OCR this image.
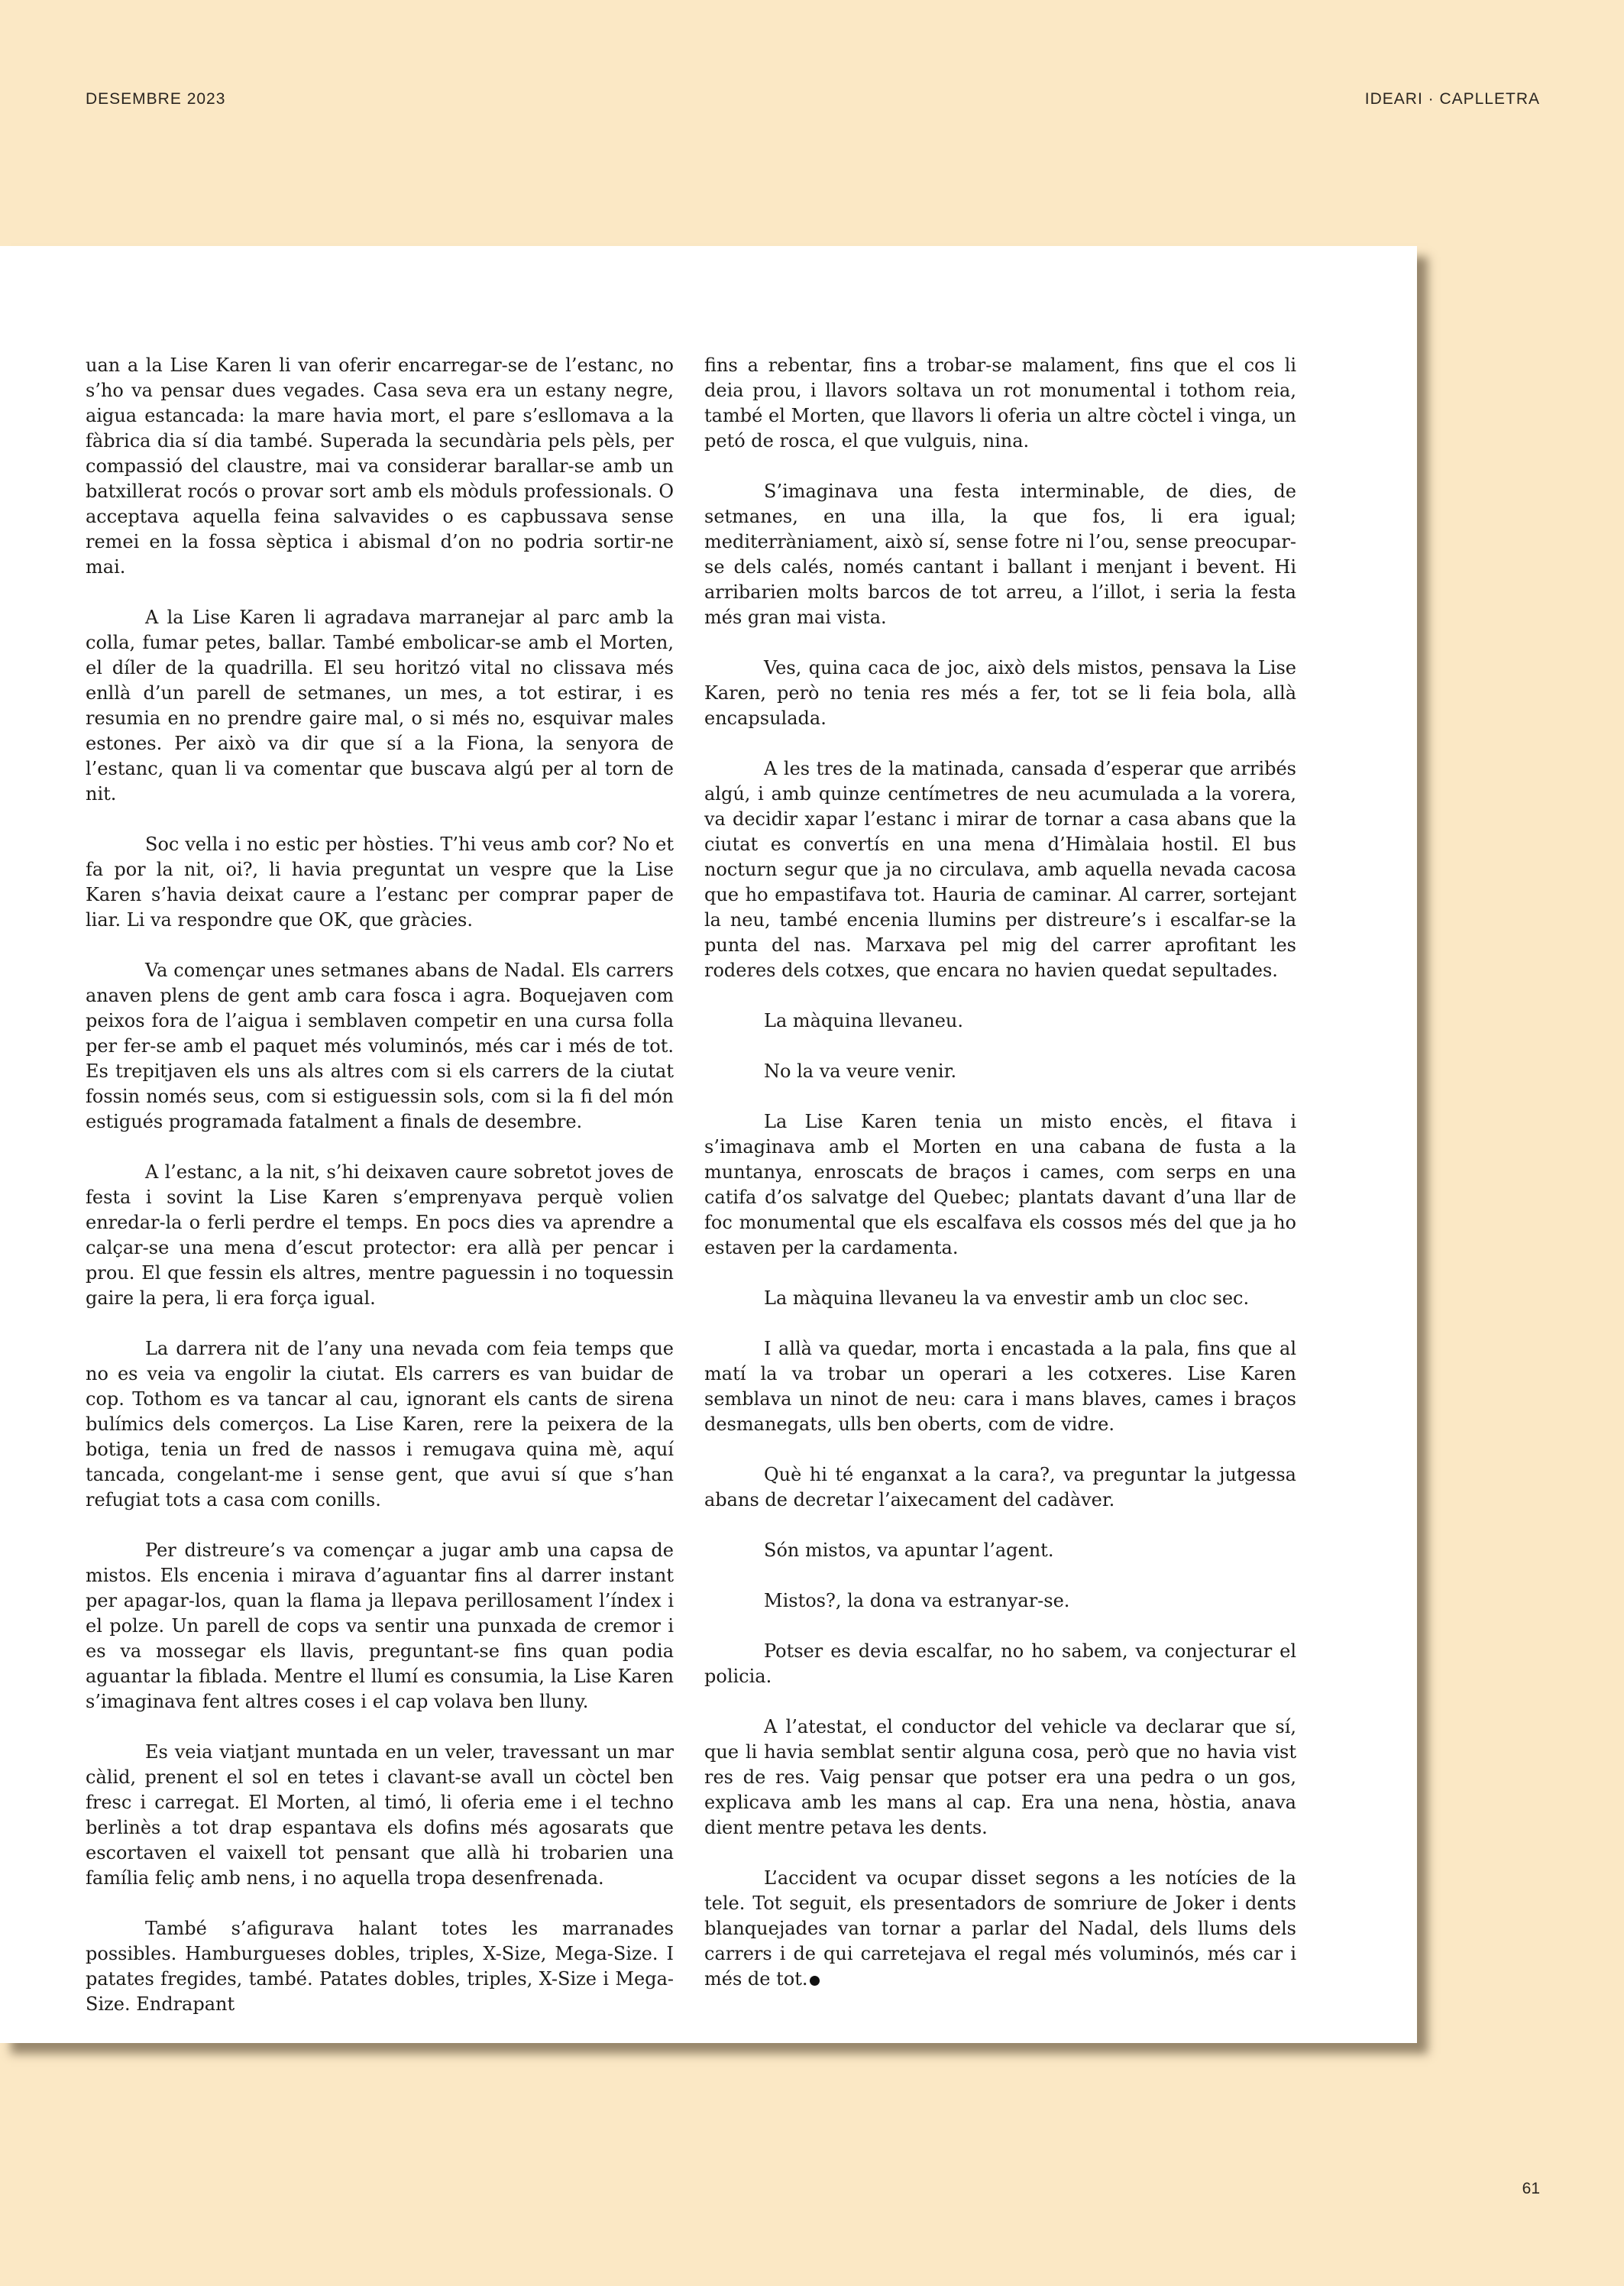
DESEMBRE 2023	IDEARI · CAPLLETRA

uan a la Lise Karen li van oferir encarregar-se de l’estanc, no s’ho va pensar dues vegades. Casa seva era un estany negre, aigua estancada: la mare havia mort, el pare s’esllomava a la fàbrica dia sí dia també. Superada la secundària pels pèls, per compassió del claustre, mai va considerar barallar-se amb un batxillerat rocós o provar sort amb els mòduls professionals. O acceptava aquella feina salvavides o es capbussava sense remei en la fossa sèptica i abismal d’on no podria sortir-ne mai.

A la Lise Karen li agradava marranejar al parc amb la colla, fumar petes, ballar. També embolicar-se amb el Morten, el díler de la quadrilla. El seu horitzó vital no clissava més enllà d’un parell de setmanes, un mes, a tot estirar, i es resumia en no prendre gaire mal, o si més no, esquivar males estones. Per això va dir que sí a la Fiona, la senyora de l’estanc, quan li va comentar que buscava algú per al torn de nit.

Soc vella i no estic per hòsties. T’hi veus amb cor? No et fa por la nit, oi?, li havia preguntat un vespre que la Lise Karen s’havia deixat caure a l’estanc per comprar paper de liar. Li va respondre que OK, que gràcies.

Va començar unes setmanes abans de Nadal. Els carrers anaven plens de gent amb cara fosca i agra. Boquejaven com peixos fora de l’aigua i semblaven competir en una cursa folla per fer-se amb el paquet més voluminós, més car i més de tot. Es trepitjaven els uns als altres com si els carrers de la ciutat fossin només seus, com si estiguessin sols, com si la fi del món estigués programada fatalment a finals de desembre.

A l’estanc, a la nit, s’hi deixaven caure sobretot joves de festa i sovint la Lise Karen s’emprenyava perquè volien enredar-la o ferli perdre el temps. En pocs dies va aprendre a calçar-se una mena d’escut protector: era allà per pencar i prou. El que fessin els altres, mentre paguessin i no toquessin gaire la pera, li era força igual.

La darrera nit de l’any una nevada com feia temps que no es veia va engolir la ciutat. Els carrers es van buidar de cop. Tothom es va tancar al cau, ignorant els cants de sirena bulímics dels comerços. La Lise Karen, rere la peixera de la botiga, tenia un fred de nassos i remugava quina mè, aquí tancada, congelant-me i sense gent, que avui sí que s’han refugiat tots a casa com conills.

Per distreure’s va començar a jugar amb una capsa de mistos. Els encenia i mirava d’aguantar fins al darrer instant per apagar-los, quan la flama ja llepava perillosament l’índex i el polze. Un parell de cops va sentir una punxada de cremor i es va mossegar els llavis, preguntant-se fins quan podia aguantar la fiblada. Mentre el llumí es consumia, la Lise Karen s’imaginava fent altres coses i el cap volava ben lluny.

Es veia viatjant muntada en un veler, travessant un mar càlid, prenent el sol en tetes i clavant-se avall un còctel ben fresc i carregat. El Morten, al timó, li oferia eme i el techno berlinès a tot drap espantava els dofins més agosarats que escortaven el vaixell tot pensant que allà hi trobarien una família feliç amb nens, i no aquella tropa desenfrenada.

També s’afigurava halant totes les marranades possibles. Hamburgueses dobles, triples, X-Size, Mega-Size. I patates fregides, també. Patates dobles, triples, X-Size i Mega-Size. Endrapant

fins a rebentar, fins a trobar-se malament, fins que el cos li deia prou, i llavors soltava un rot monumental i tothom reia, també el Morten, que llavors li oferia un altre còctel i vinga, un petó de rosca, el que vulguis, nina.

S’imaginava una festa interminable, de dies, de setmanes, en una illa, la que fos, li era igual; mediterràniament, això sí, sense fotre ni l’ou, sense preocupar-se dels calés, només cantant i ballant i menjant i bevent. Hi arribarien molts barcos de tot arreu, a l’illot, i seria la festa més gran mai vista.

Ves, quina caca de joc, això dels mistos, pensava la Lise Karen, però no tenia res més a fer, tot se li feia bola, allà encapsulada.

A les tres de la matinada, cansada d’esperar que arribés algú, i amb quinze centímetres de neu acumulada a la vorera, va decidir xapar l’estanc i mirar de tornar a casa abans que la ciutat es convertís en una mena d’Himàlaia hostil. El bus nocturn segur que ja no circulava, amb aquella nevada cacosa que ho empastifava tot. Hauria de caminar. Al carrer, sortejant la neu, també encenia llumins per distreure’s i escalfar-se la punta del nas. Marxava pel mig del carrer aprofitant les roderes dels cotxes, que encara no havien quedat sepultades.

La màquina llevaneu.

No la va veure venir.

La Lise Karen tenia un misto encès, el fitava i s’imaginava amb el Morten en una cabana de fusta a la muntanya, enroscats de braços i cames, com serps en una catifa d’os salvatge del Quebec; plantats davant d’una llar de foc monumental que els escalfava els cossos més del que ja ho estaven per la cardamenta.

La màquina llevaneu la va envestir amb un cloc sec.

I allà va quedar, morta i encastada a la pala, fins que al matí la va trobar un operari a les cotxeres. Lise Karen semblava un ninot de neu: cara i mans blaves, cames i braços desmanegats, ulls ben oberts, com de vidre.

Què hi té enganxat a la cara?, va preguntar la jutgessa abans de decretar l’aixecament del cadàver.

Són mistos, va apuntar l’agent.

Mistos?, la dona va estranyar-se.

Potser es devia escalfar, no ho sabem, va conjecturar el policia.

A l’atestat, el conductor del vehicle va declarar que sí, que li havia semblat sentir alguna cosa, però que no havia vist res de res. Vaig pensar que potser era una pedra o un gos, explicava amb les mans al cap. Era una nena, hòstia, anava dient mentre petava les dents.

L’accident va ocupar disset segons a les notícies de la tele. Tot seguit, els presentadors de somriure de Joker i dents blanquejades van tornar a parlar del Nadal, dels llums dels carrers i de qui carretejava el regal més voluminós, més car i més de tot.

61
